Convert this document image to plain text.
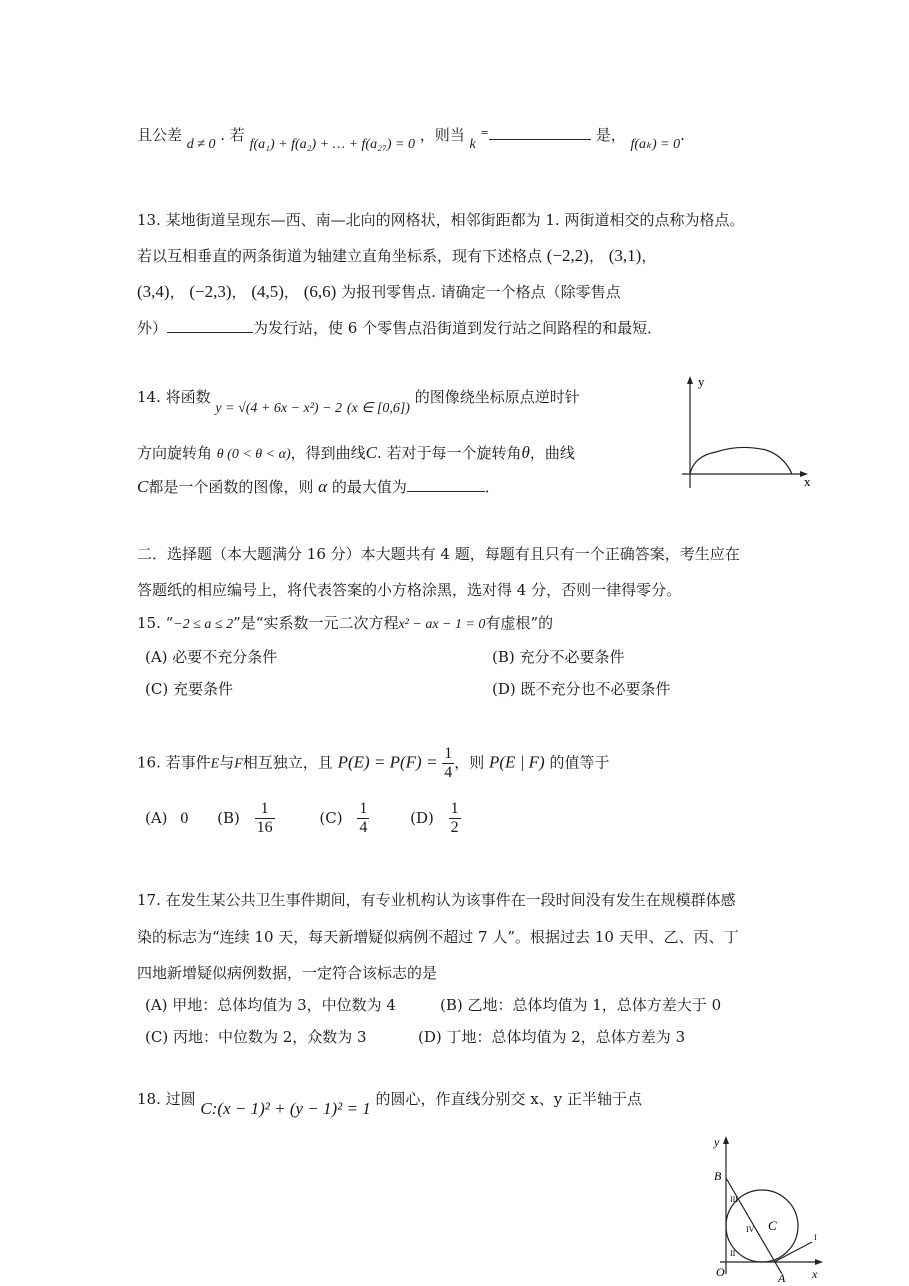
且公差 d ≠ 0 . 若 f(a₁) + f(a₂) + … + f(a₂₇) = 0 ，则当 k =	是， f(aₖ) = 0.
13. 某地街道呈现东—西、南—北向的网格状，相邻街距都为 1. 两街道相交的点称为格点。
若以互相垂直的两条街道为轴建立直角坐标系，现有下述格点 (−2,2)， (3,1)，
(3,4)， (−2,3)， (4,5)， (6,6) 为报刊零售点. 请确定一个格点（除零售点
外）	为发行站，使 6 个零售点沿街道到发行站之间路程的和最短．
14. 将函数 y = √(4 + 6x − x²) − 2 (x ∈ [0,6]) 的图像绕坐标原点逆时针
方向旋转角 θ (0 < θ < α)，得到曲线C. 若对于每一个旋转角θ，曲线
C都是一个函数的图像，则 α 的最大值为	．
y
x
二．选择题（本大题满分 16 分）本大题共有 4 题，每题有且只有一个正确答案，考生应在
答题纸的相应编号上，将代表答案的小方格涂黑，选对得 4 分，否则一律得零分。
15. “−2 ≤ a ≤ 2”是“实系数一元二次方程x² − ax − 1 = 0有虚根”的
(A) 必要不充分条件	(B) 充分不必要条件
(C) 充要条件	(D) 既不充分也不必要条件
16. 若事件E与F相互独立，且 $P(E) = P(F) = \frac{1}{4}$ ，则 P(E | F) 的值等于
(A) 0 $(B) \frac{1}{16}$	$(C) \frac{1}{4}$	$(D) \frac{1}{2}$
17. 在发生某公共卫生事件期间，有专业机构认为该事件在一段时间没有发生在规模群体感
染的标志为“连续 10 天，每天新增疑似病例不超过 7 人”。根据过去 10 天甲、乙、丙、丁
四地新增疑似病例数据，一定符合该标志的是
(A) 甲地：总体均值为 3，中位数为 4	(B) 乙地：总体均值为 1，总体方差大于 0
(C) 丙地：中位数为 2，众数为 3	(D) 丁地：总体均值为 2，总体方差为 3
18. 过圆 C:(x − 1)² + (y − 1)² = 1 的圆心，作直线分别交 x、y 正半轴于点
y
x
B
O	A
C
I
II
III
IV
